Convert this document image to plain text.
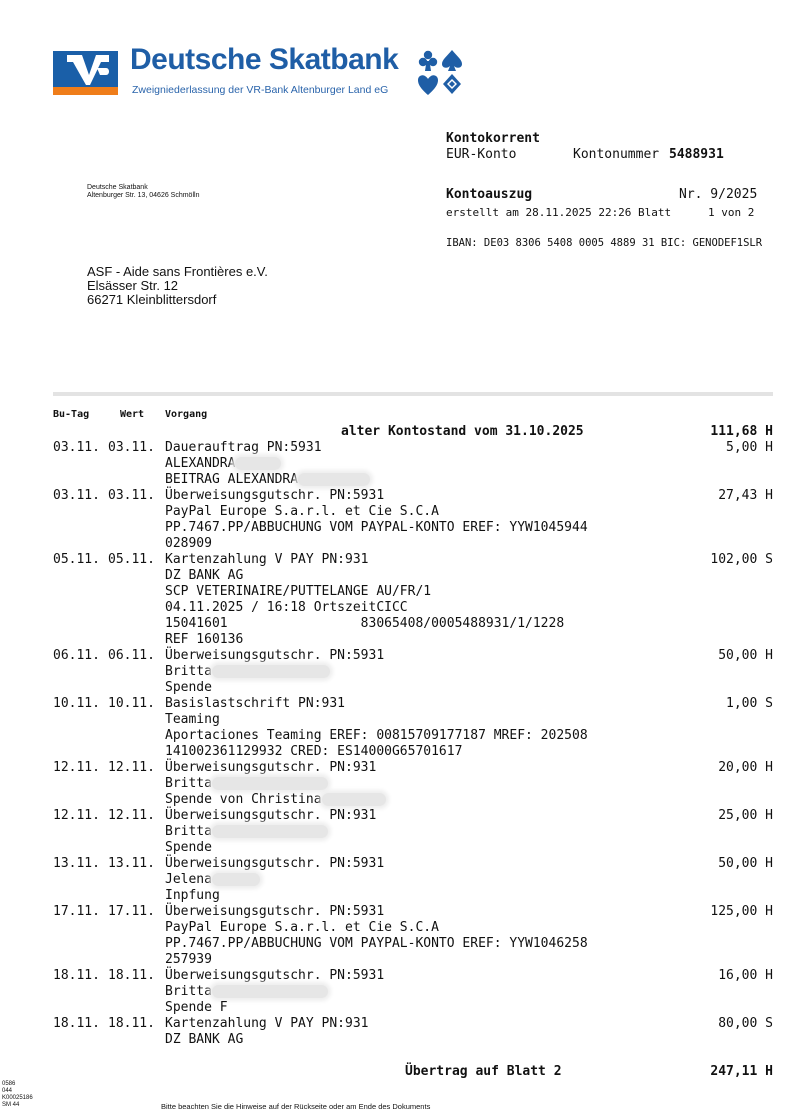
Deutsche Skatbank
Zweigniederlassung der VR-Bank Altenburger Land eG
Kontokorrent
EUR-Konto	Kontonummer 5488931
Deutsche Skatbank
Altenburger Str. 13, 04626 Schmölln	Kontoauszug	Nr. 9/2025
erstellt am 28.11.2025 22:26 Blatt	1 von 2
IBAN: DE03 8306 5408 0005 4889 31 BIC: GENODEF1SLR
ASF - Aide sans Frontières e.V.
Elsässer Str. 12
66271 Kleinblittersdorf
Bu-Tag	Wert Vorgang
alter Kontostand vom 31.10.2025	111,68 H
03.11. 03.11. Dauerauftrag PN:5931	5,00 H
ALEXANDRA
BEITRAG ALEXANDRA
03.11. 03.11. Überweisungsgutschr. PN:5931	27,43 H
PayPal Europe S.a.r.l. et Cie S.C.A
PP.7467.PP/ABBUCHUNG VOM PAYPAL-KONTO EREF: YYW1045944
028909
05.11. 05.11. Kartenzahlung V PAY PN:931	102,00 S
DZ BANK AG
SCP VETERINAIRE/PUTTELANGE AU/FR/1
04.11.2025 / 16:18 OrtszeitCICC
15041601                 83065408/0005488931/1/1228
REF 160136
06.11. 06.11. Überweisungsgutschr. PN:5931	50,00 H
Britta
Spende
10.11. 10.11. Basislastschrift PN:931	1,00 S
Teaming
Aportaciones Teaming EREF: 00815709177187 MREF: 202508
141002361129932 CRED: ES14000G65701617
12.11. 12.11. Überweisungsgutschr. PN:931	20,00 H
Britta
Spende von Christina
12.11. 12.11. Überweisungsgutschr. PN:931	25,00 H
Britta
Spende
13.11. 13.11. Überweisungsgutschr. PN:5931	50,00 H
Jelena
Inpfung
17.11. 17.11. Überweisungsgutschr. PN:5931	125,00 H
PayPal Europe S.a.r.l. et Cie S.C.A
PP.7467.PP/ABBUCHUNG VOM PAYPAL-KONTO EREF: YYW1046258
257939
18.11. 18.11. Überweisungsgutschr. PN:5931	16,00 H
Britta
Spende F
18.11. 18.11. Kartenzahlung V PAY PN:931	80,00 S
DZ BANK AG
Übertrag auf Blatt 2	247,11 H
0586
044
K00025186
SM 44	Bitte beachten Sie die Hinweise auf der Rückseite oder am Ende des Dokuments
